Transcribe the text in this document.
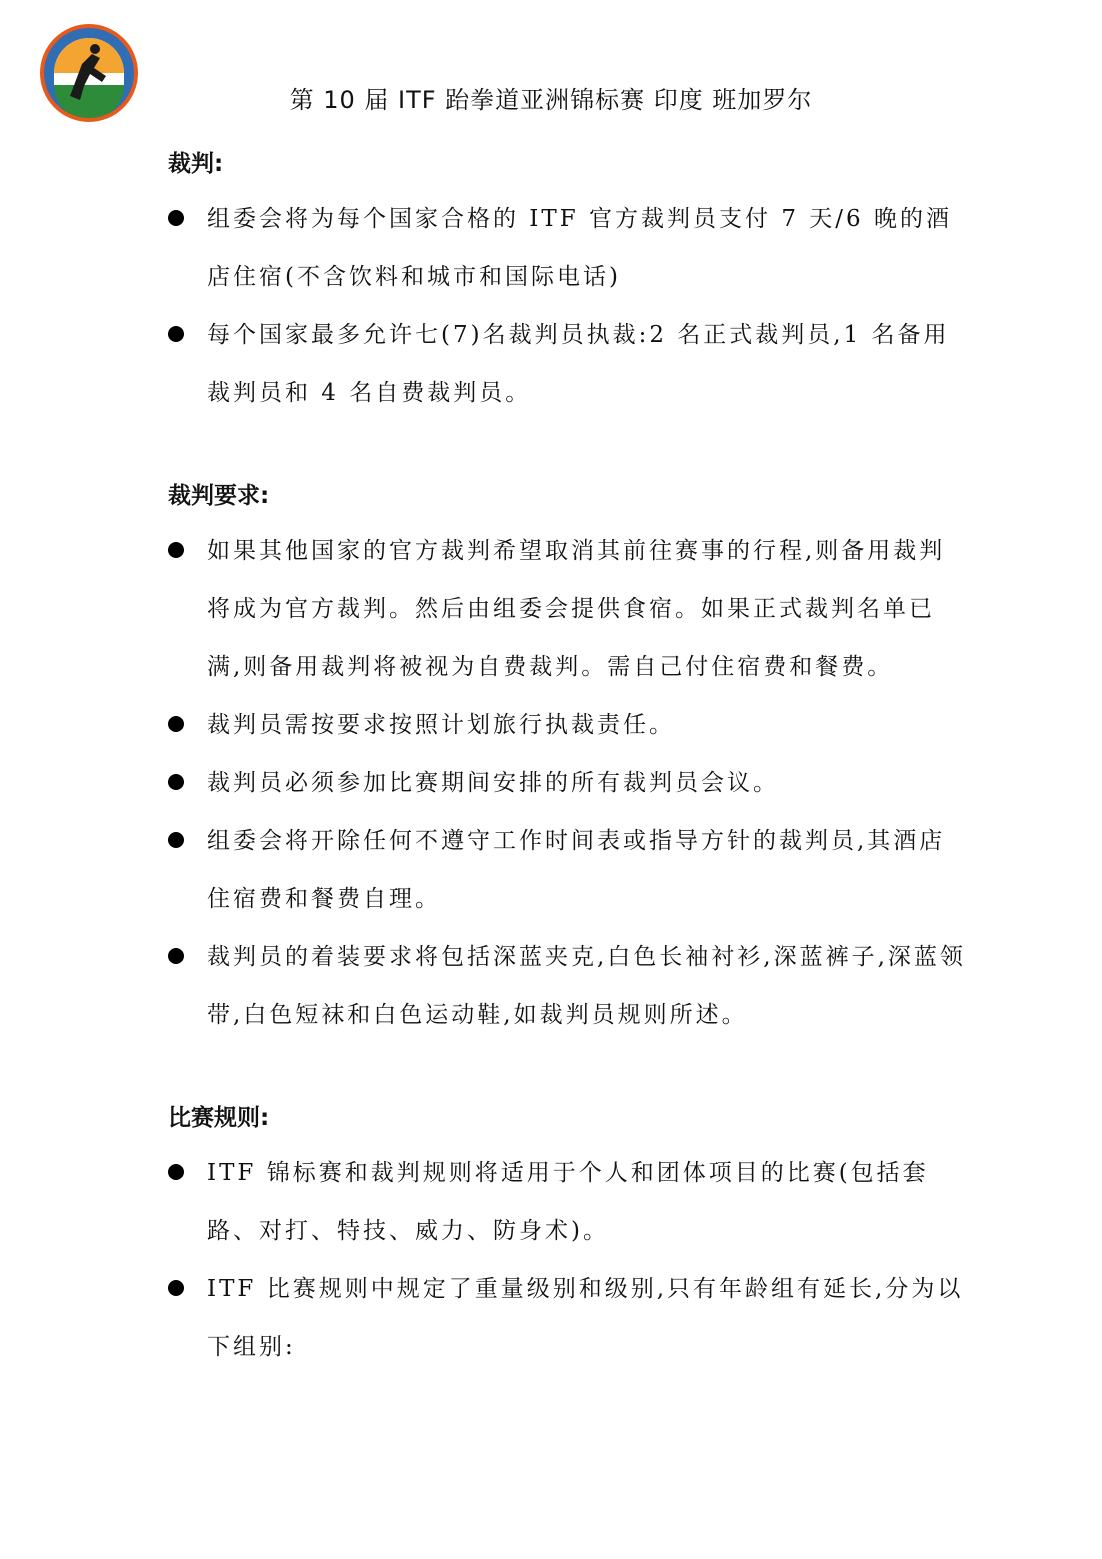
第 10 届 ITF 跆拳道亚洲锦标赛 印度 班加罗尔
裁判:
组委会将为每个国家合格的 ITF 官方裁判员支付 7 天/6 晚的酒店住宿(不含饮料和城市和国际电话)
每个国家最多允许七(7)名裁判员执裁:2 名正式裁判员,1 名备用裁判员和 4 名自费裁判员。
裁判要求:
如果其他国家的官方裁判希望取消其前往赛事的行程,则备用裁判将成为官方裁判。然后由组委会提供食宿。如果正式裁判名单已满,则备用裁判将被视为自费裁判。需自己付住宿费和餐费。
裁判员需按要求按照计划旅行执裁责任。
裁判员必须参加比赛期间安排的所有裁判员会议。
组委会将开除任何不遵守工作时间表或指导方针的裁判员,其酒店住宿费和餐费自理。
裁判员的着装要求将包括深蓝夹克,白色长袖衬衫,深蓝裤子,深蓝领带,白色短袜和白色运动鞋,如裁判员规则所述。
比赛规则:
ITF 锦标赛和裁判规则将适用于个人和团体项目的比赛(包括套路、对打、特技、威力、防身术)。
ITF 比赛规则中规定了重量级别和级别,只有年龄组有延长,分为以下组别:
